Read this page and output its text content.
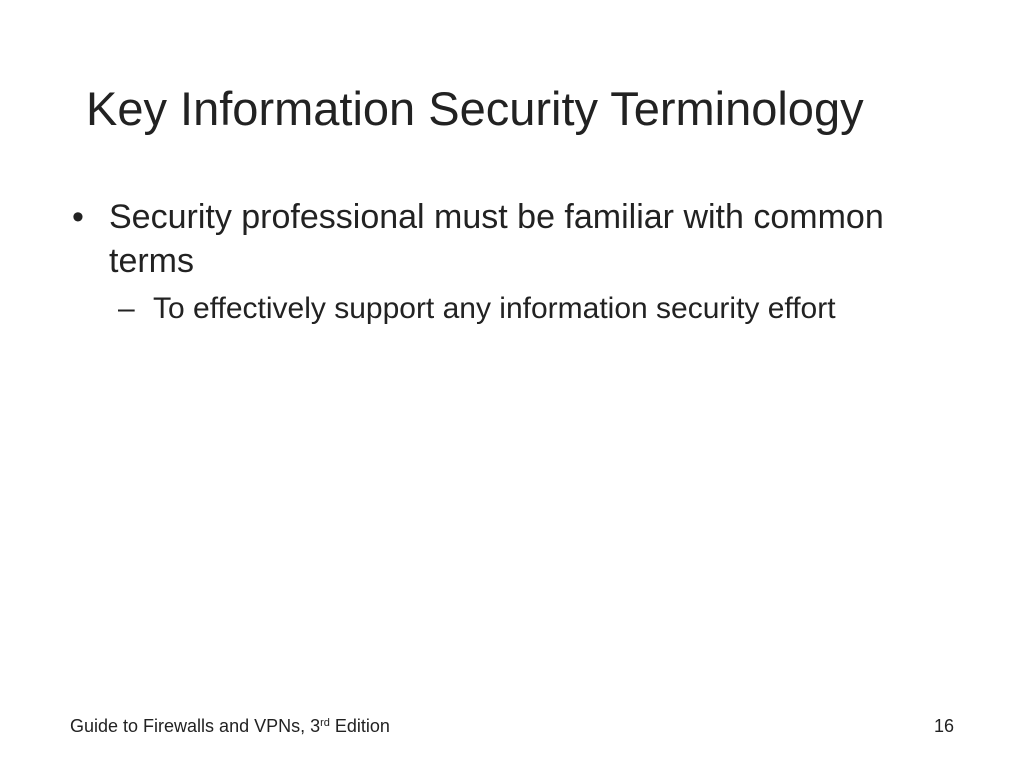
Key Information Security Terminology
• Security professional must be familiar with common terms
– To effectively support any information security effort
Guide to Firewalls and VPNs, 3rd Edition	16
